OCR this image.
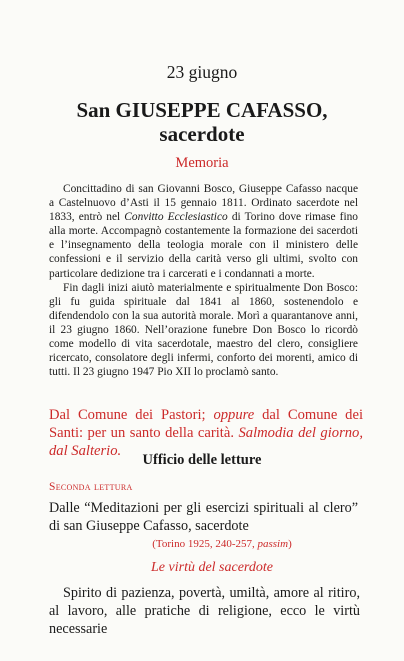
23 giugno
San GIUSEPPE CAFASSO,
sacerdote
Memoria

Concittadino di san Giovanni Bosco, Giuseppe Cafasso nacque a Castelnuovo d’Asti il 15 gennaio 1811. Ordinato sacerdote nel 1833, entrò nel Convitto Ecclesiastico di Torino dove rimase fino alla morte. Accompagnò costantemente la formazione dei sacerdoti e l’insegnamento della teologia morale con il ministero delle confessioni e il servizio della carità verso gli ultimi, svolto con particolare dedizione tra i carcerati e i condannati a morte.

Fin dagli inizi aiutò materialmente e spiritualmente Don Bosco: gli fu guida spirituale dal 1841 al 1860, sostenendolo e difendendolo con la sua autorità morale. Morì a quarantanove anni, il 23 giugno 1860. Nell’orazione funebre Don Bosco lo ricordò come modello di vita sacerdotale, maestro del clero, consigliere ricercato, consolatore degli infermi, conforto dei morenti, amico di tutti. Il 23 giugno 1947 Pio XII lo proclamò santo.

Dal Comune dei Pastori; oppure dal Comune dei Santi: per un santo della carità. Salmodia del giorno, dal Salterio.
Ufficio delle letture
Seconda lettura
Dalle “Meditazioni per gli esercizi spirituali al clero” di san Giuseppe Cafasso, sacerdote
(Torino 1925, 240-257, passim)
Le virtù del sacerdote
Spirito di pazienza, povertà, umiltà, amore al ritiro, al lavoro, alle pratiche di religione, ecco le virtù necessarie
